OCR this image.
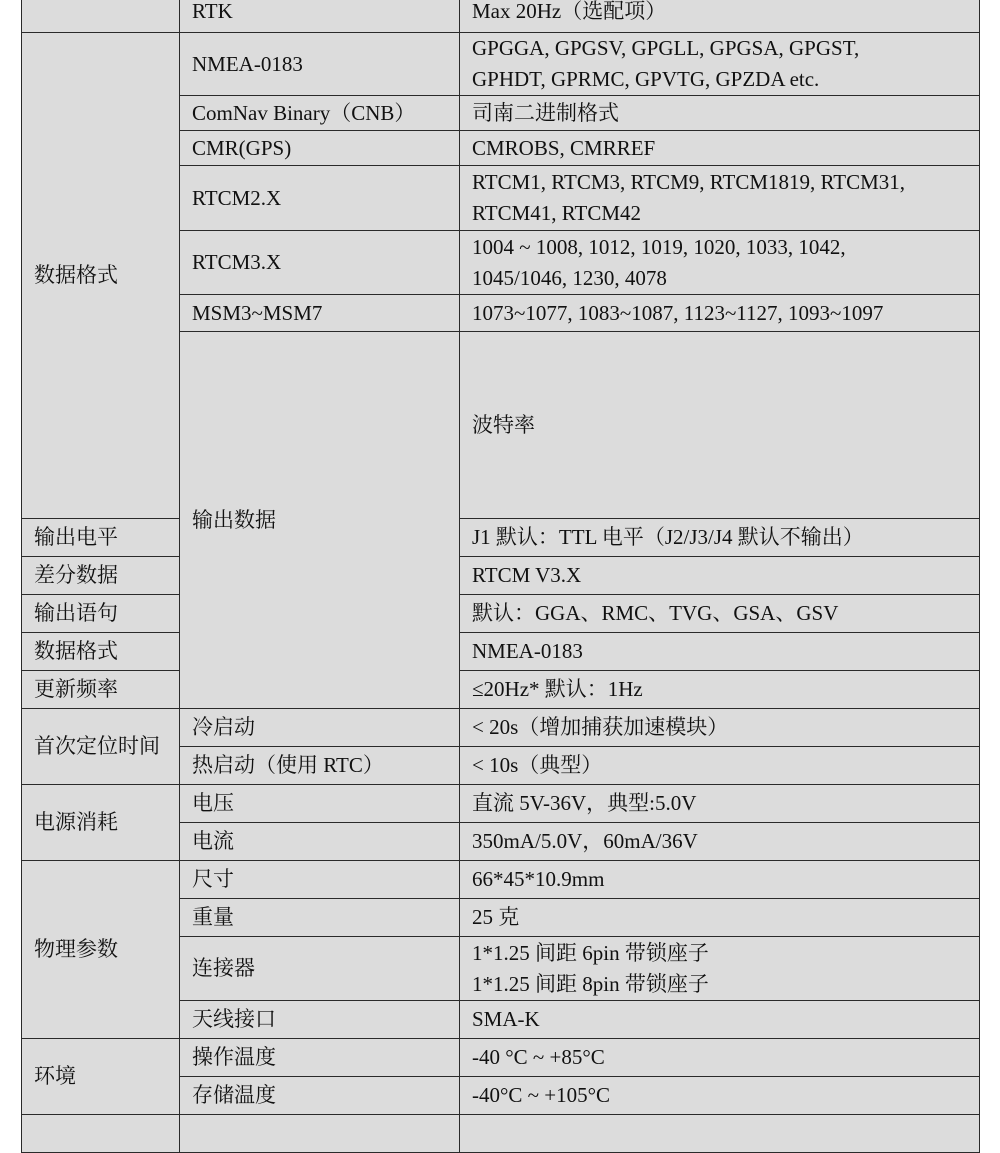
	RTK	Max 20Hz（选配项）	
数据格式	NMEA-0183	GPGGA, GPGSV, GPGLL, GPGSA, GPGST,
GPHDT, GPRMC, GPVTG, GPZDA etc.	
	ComNav Binary（CNB）	司南二进制格式	
	CMR(GPS)	CMROBS, CMRREF	
	RTCM2.X	RTCM1, RTCM3, RTCM9, RTCM1819, RTCM31,
RTCM41, RTCM42	
	RTCM3.X	1004 ~ 1008, 1012, 1019, 1020, 1033, 1042,
1045/1046, 1230, 4078	
	MSM3~MSM7	1073~1077, 1083~1087, 1123~1127, 1093~1097	
	输出数据	波特率	
输出电平		J1 默认：TTL 电平（J2/J3/J4 默认不输出）	
差分数据		RTCM V3.X	
输出语句		默认：GGA、RMC、TVG、GSA、GSV	
数据格式		NMEA-0183	
更新频率		≤20Hz* 默认：1Hz	
首次定位时间	冷启动	< 20s（增加捕获加速模块）	
	热启动（使用 RTC）	< 10s（典型）	
电源消耗	电压	直流 5V-36V，典型:5.0V	
	电流	350mA/5.0V，60mA/36V	
物理参数	尺寸	66*45*10.9mm	
	重量	25 克	
	连接器	1*1.25 间距 6pin 带锁座子
1*1.25 间距 8pin 带锁座子	
	天线接口	SMA-K	
环境	操作温度	-40 °C ~ +85°C	
	存储温度	-40°C ~ +105°C	
